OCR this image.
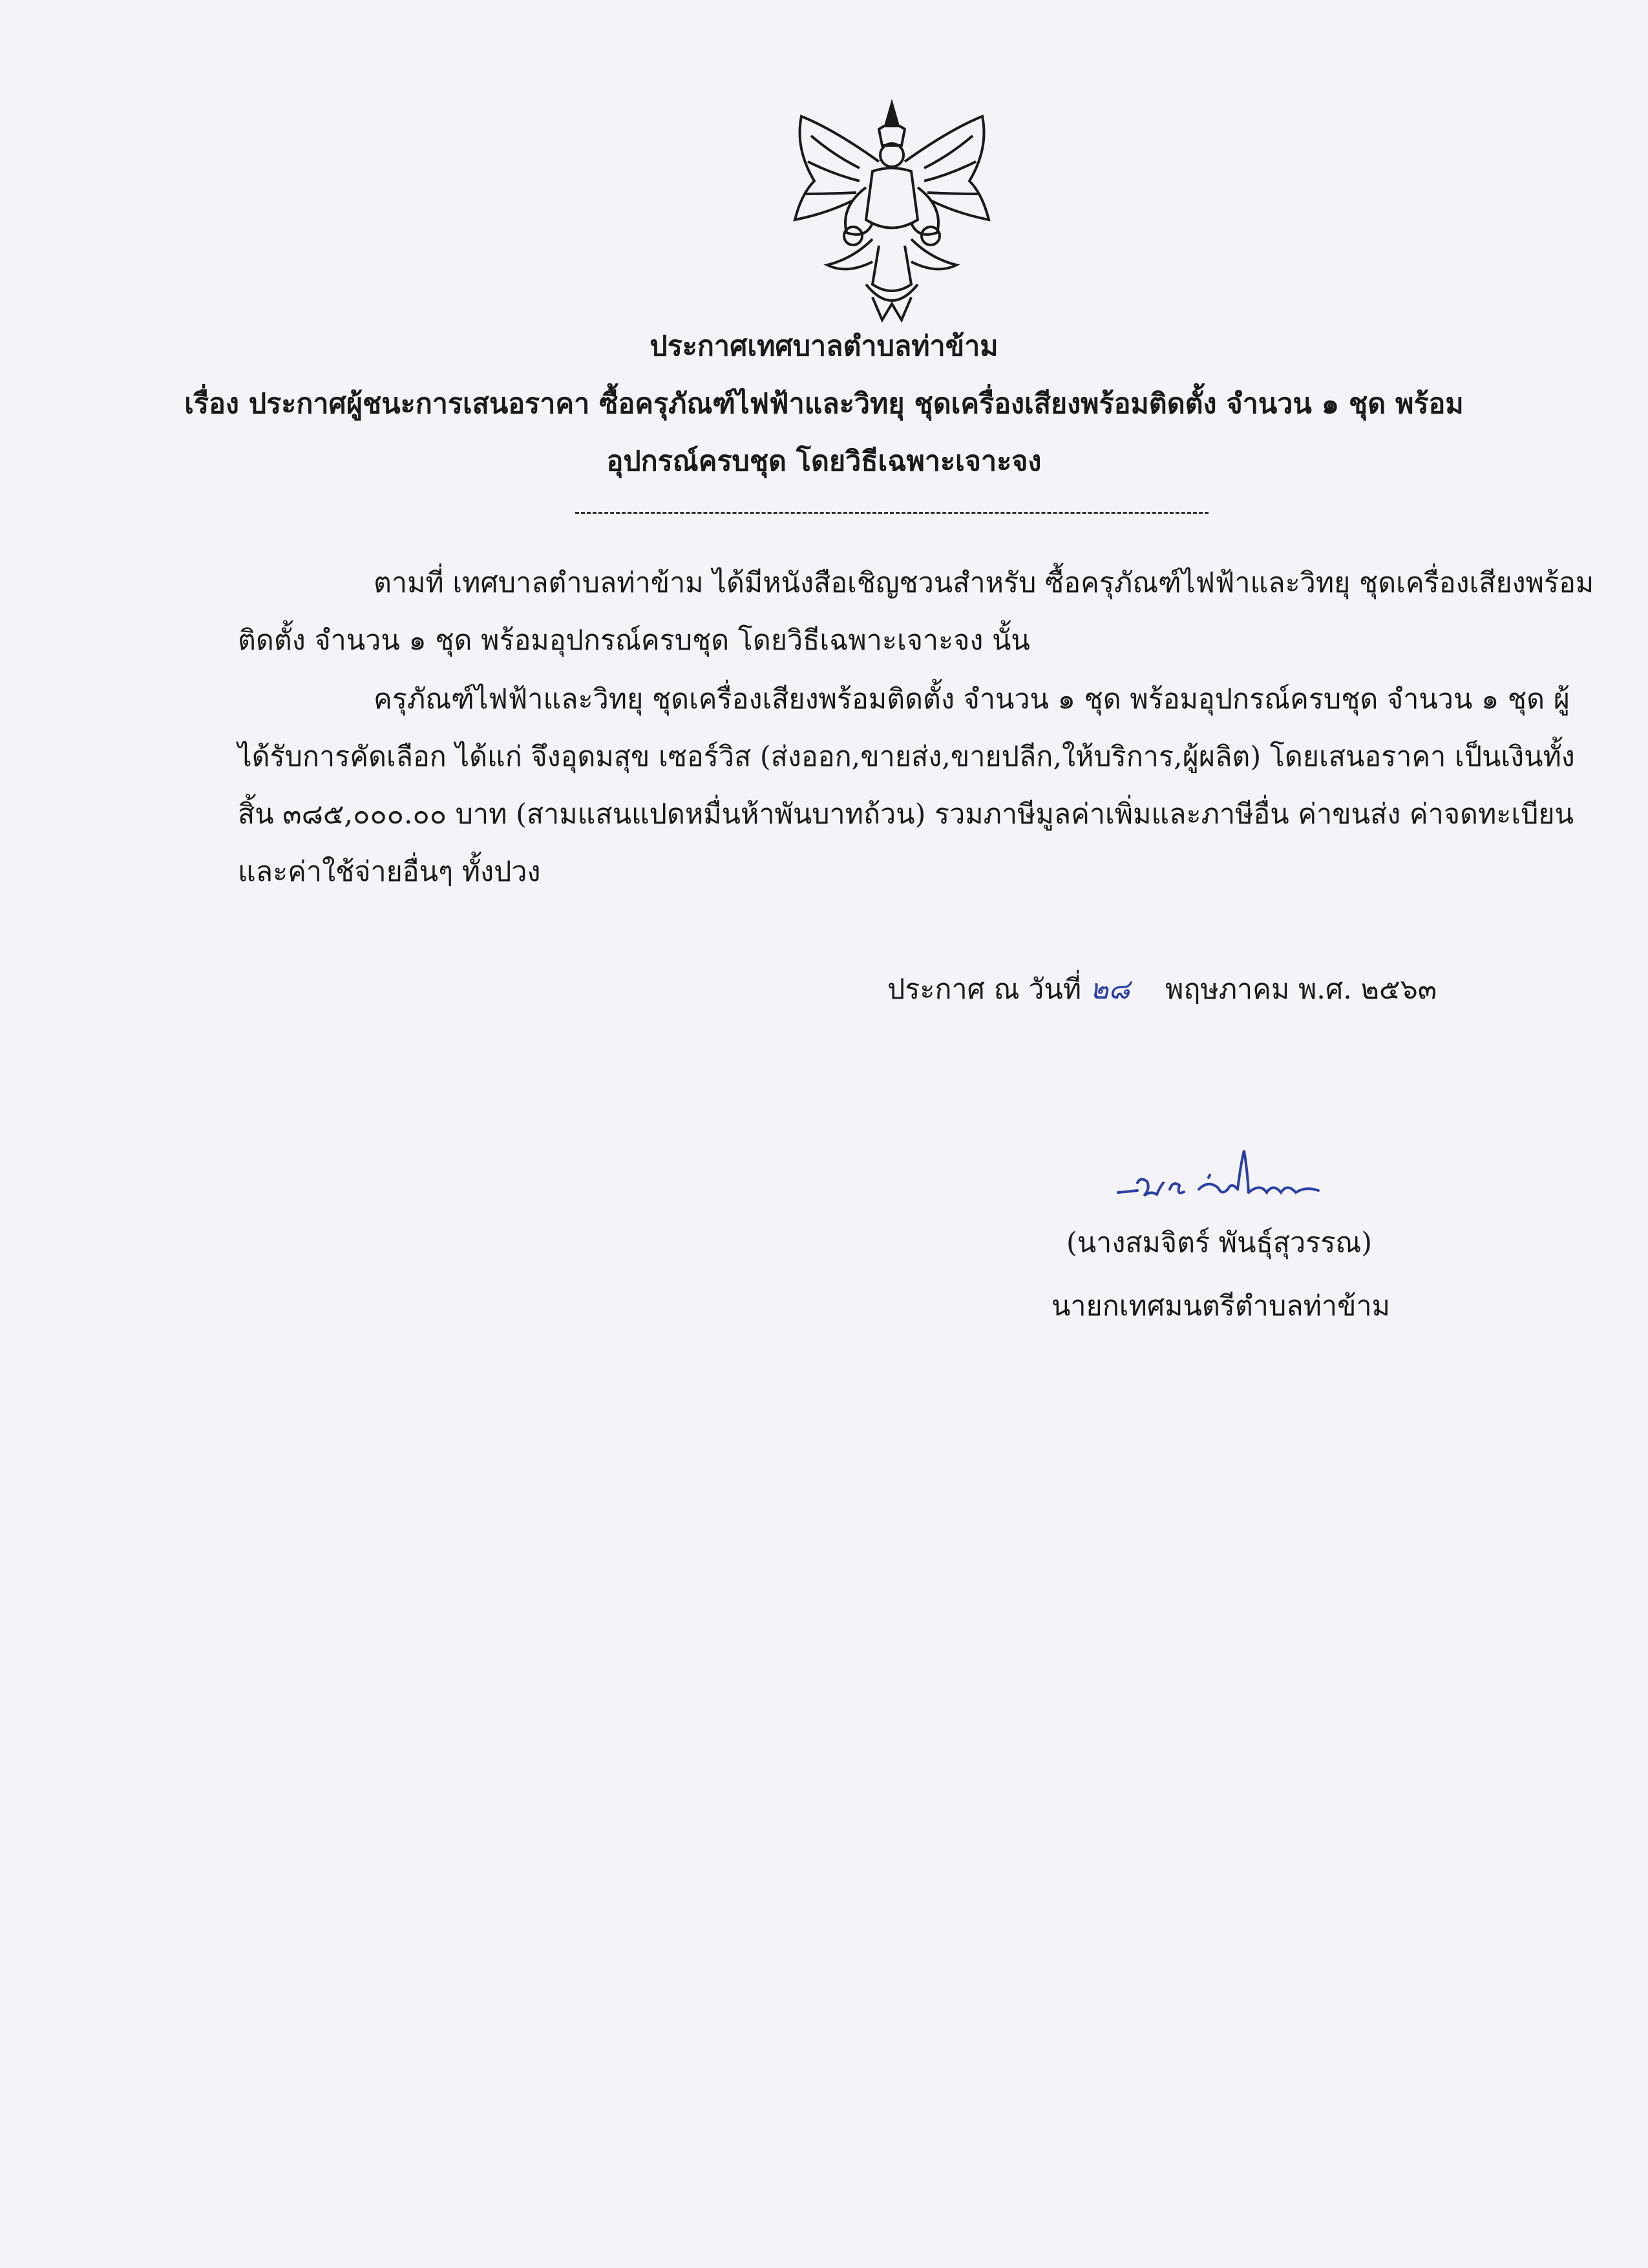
ประกาศเทศบาลตำบลท่าข้าม
เรื่อง ประกาศผู้ชนะการเสนอราคา ซื้อครุภัณฑ์ไฟฟ้าและวิทยุ ชุดเครื่องเสียงพร้อมติดตั้ง จำนวน ๑ ชุด พร้อม
อุปกรณ์ครบชุด โดยวิธีเฉพาะเจาะจง
ตามที่ เทศบาลตำบลท่าข้าม ได้มีหนังสือเชิญชวนสำหรับ ซื้อครุภัณฑ์ไฟฟ้าและวิทยุ ชุดเครื่องเสียงพร้อม
ติดตั้ง จำนวน ๑ ชุด พร้อมอุปกรณ์ครบชุด โดยวิธีเฉพาะเจาะจง นั้น
ครุภัณฑ์ไฟฟ้าและวิทยุ ชุดเครื่องเสียงพร้อมติดตั้ง จำนวน ๑ ชุด พร้อมอุปกรณ์ครบชุด จำนวน ๑ ชุด ผู้
ได้รับการคัดเลือก ได้แก่ จึงอุดมสุข เซอร์วิส (ส่งออก,ขายส่ง,ขายปลีก,ให้บริการ,ผู้ผลิต) โดยเสนอราคา เป็นเงินทั้ง
สิ้น ๓๘๕,๐๐๐.๐๐ บาท (สามแสนแปดหมื่นห้าพันบาทถ้วน) รวมภาษีมูลค่าเพิ่มและภาษีอื่น ค่าขนส่ง ค่าจดทะเบียน
และค่าใช้จ่ายอื่นๆ ทั้งปวง
ประกาศ ณ วันที่ ๒๘ พฤษภาคม พ.ศ. ๒๕๖๓
(นางสมจิตร์ พันธุ์สุวรรณ)
นายกเทศมนตรีตำบลท่าข้าม
